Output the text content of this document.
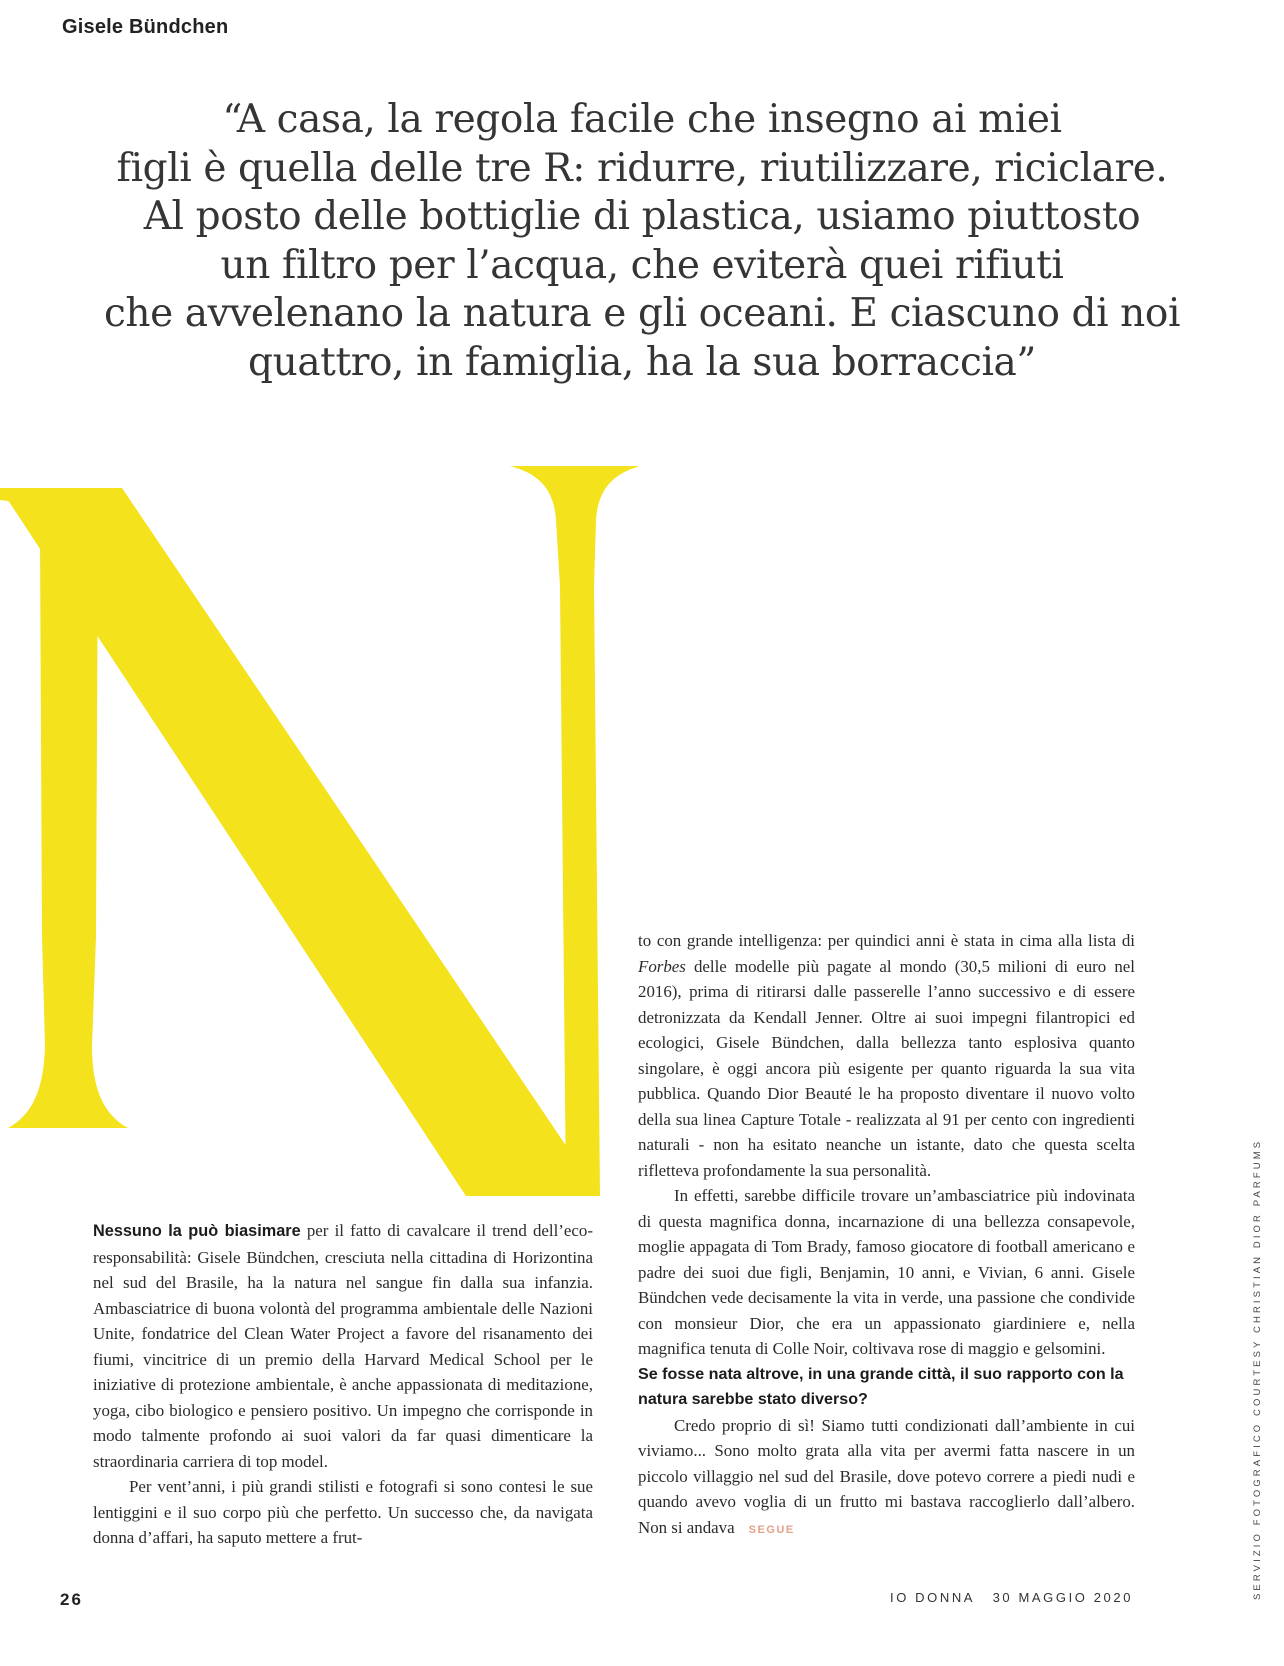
Gisele Bündchen
“A casa, la regola facile che insegno ai miei
figli è quella delle tre R: ridurre, riutilizzare, riciclare.
Al posto delle bottiglie di plastica, usiamo piuttosto
un filtro per l’acqua, che eviterà quei rifiuti
che avvelenano la natura e gli oceani. E ciascuno di noi
quattro, in famiglia, ha la sua borraccia”

Nessuno la può biasimare per il fatto di cavalcare il trend dell’eco-responsabilità: Gisele Bündchen, cresciuta nella cittadina di Horizontina nel sud del Brasile, ha la natura nel sangue fin dalla sua infanzia. Ambasciatrice di buona volontà del programma ambientale delle Nazioni Unite, fondatrice del Clean Water Project a favore del risanamento dei fiumi, vincitrice di un premio della Harvard Medical School per le iniziative di protezione ambientale, è anche appassionata di meditazione, yoga, cibo biologico e pensiero positivo. Un impegno che corrisponde in modo talmente profondo ai suoi valori da far quasi dimenticare la straordinaria carriera di top model.

Per vent’anni, i più grandi stilisti e fotografi si sono contesi le sue lentiggini e il suo corpo più che perfetto. Un successo che, da navigata donna d’affari, ha saputo mettere a frut-

to con grande intelligenza: per quindici anni è stata in cima alla lista di Forbes delle modelle più pagate al mondo (30,5 milioni di euro nel 2016), prima di ritirarsi dalle passerelle l’anno successivo e di essere detronizzata da Kendall Jenner. Oltre ai suoi impegni filantropici ed ecologici, Gisele Bündchen, dalla bellezza tanto esplosiva quanto singolare, è oggi ancora più esigente per quanto riguarda la sua vita pubblica. Quando Dior Beauté le ha proposto diventare il nuovo volto della sua linea Capture Totale - realizzata al 91 per cento con ingredienti naturali - non ha esitato neanche un istante, dato che questa scelta rifletteva profondamente la sua personalità.

In effetti, sarebbe difficile trovare un’ambasciatrice più indovinata di questa magnifica donna, incarnazione di una bellezza consapevole, moglie appagata di Tom Brady, famoso giocatore di football americano e padre dei suoi due figli, Benjamin, 10 anni, e Vivian, 6 anni. Gisele Bündchen vede decisamente la vita in verde, una passione che condivide con monsieur Dior, che era un appassionato giardiniere e, nella magnifica tenuta di Colle Noir, coltivava rose di maggio e gelsomini.

Se fosse nata altrove, in una grande città, il suo rapporto con la natura sarebbe stato diverso?

Credo proprio di sì! Siamo tutti condizionati dall’ambiente in cui viviamo... Sono molto grata alla vita per avermi fatta nascere in un piccolo villaggio nel sud del Brasile, dove potevo correre a piedi nudi e quando avevo voglia di un frutto mi bastava raccoglierlo dall’albero. Non si andava SEGUE

26	IO DONNA 30 MAGGIO 2020	SERVIZIO FOTOGRAFICO COURTESY CHRISTIAN DIOR PARFUMS
